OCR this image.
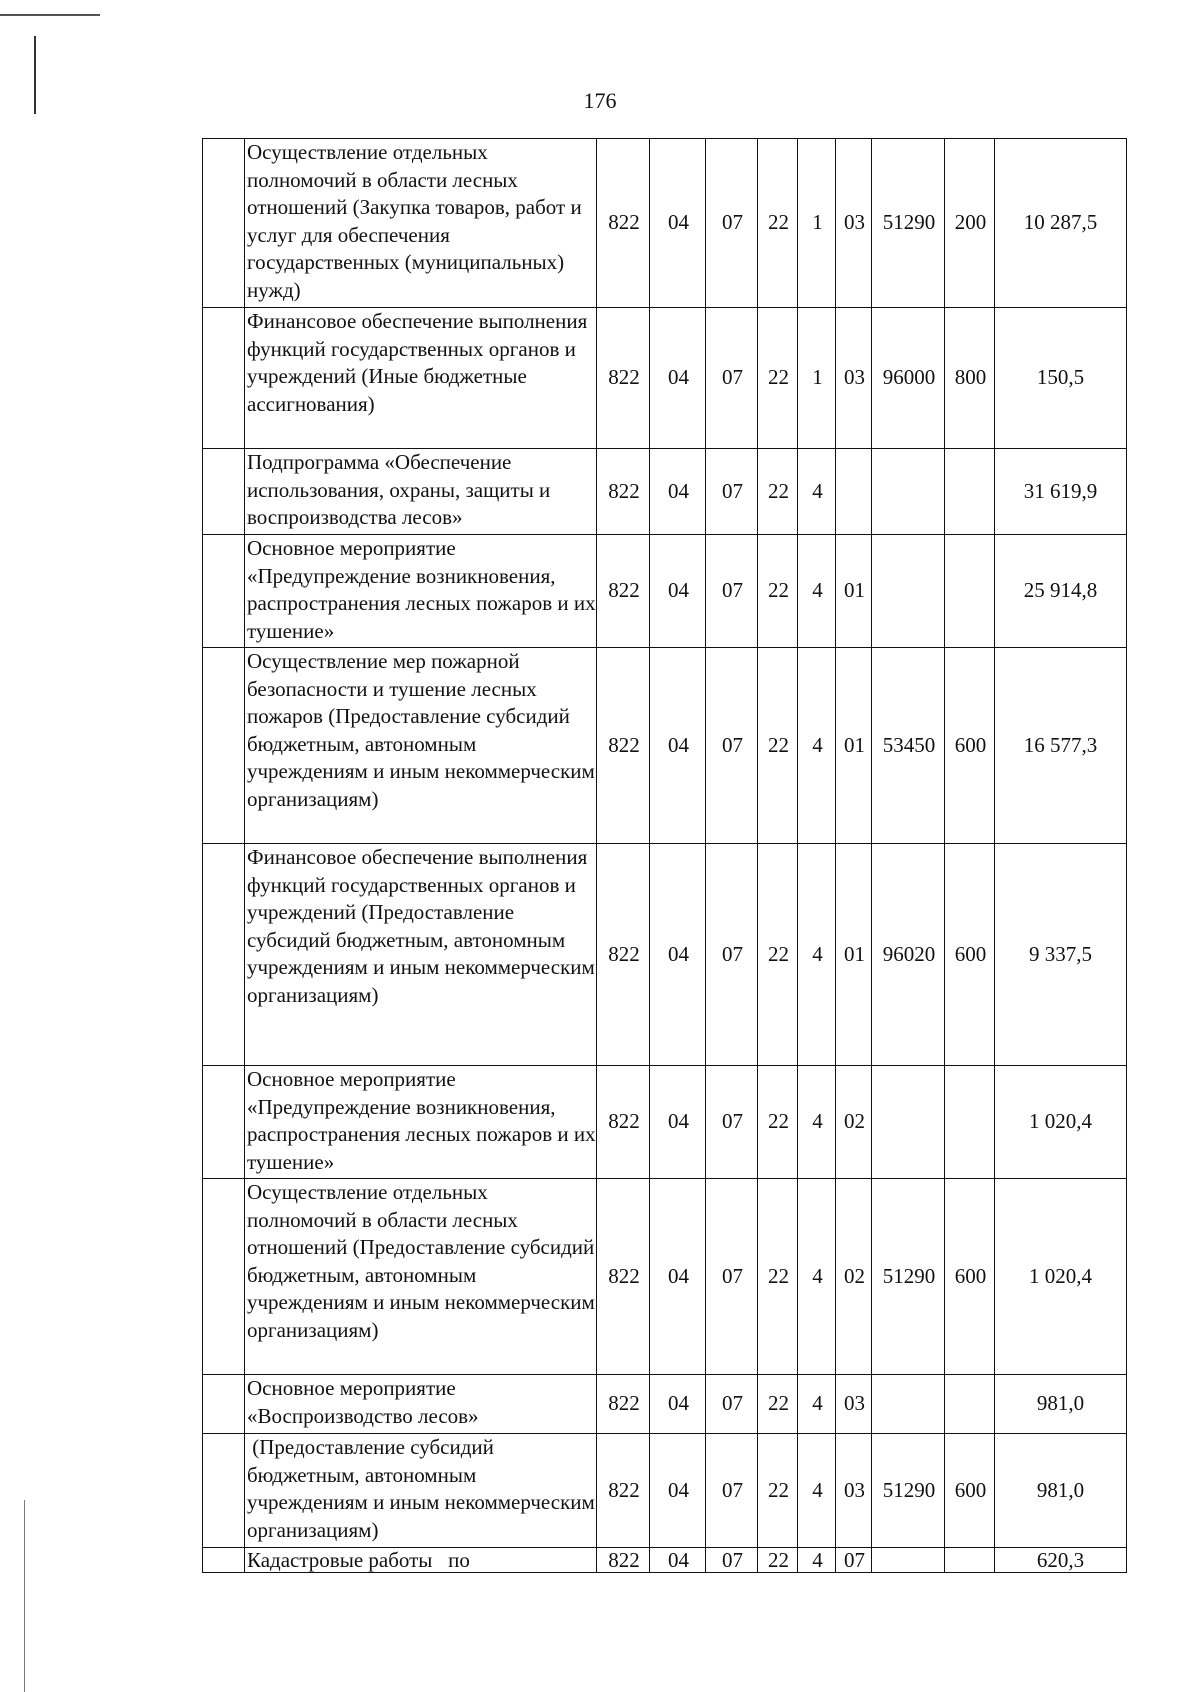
176
	Осуществление отдельных полномочий в области лесных отношений (Закупка товаров, работ и услуг для обеспечения государственных (муниципальных) нужд)	822	04	07	22	1	03	51290	200	10 287,5
	Финансовое обеспечение выполнения функций государственных органов и учреждений (Иные бюджетные ассигнования)	822	04	07	22	1	03	96000	800	150,5
	Подпрограмма «Обеспечение использования, охраны, защиты и воспроизводства лесов»	822	04	07	22	4				31 619,9
	Основное мероприятие «Предупреждение возникновения, распространения лесных пожаров и их тушение»	822	04	07	22	4	01			25 914,8
	Осуществление мер пожарной безопасности и тушение лесных пожаров (Предоставление субсидий бюджетным, автономным учреждениям и иным некоммерческим организациям)	822	04	07	22	4	01	53450	600	16 577,3
	Финансовое обеспечение выполнения функций государственных органов и учреждений (Предоставление субсидий бюджетным, автономным учреждениям и иным некоммерческим организациям)	822	04	07	22	4	01	96020	600	9 337,5
	Основное мероприятие «Предупреждение возникновения, распространения лесных пожаров и их тушение»	822	04	07	22	4	02			1 020,4
	Осуществление отдельных полномочий в области лесных отношений (Предоставление субсидий бюджетным, автономным учреждениям и иным некоммерческим организациям)	822	04	07	22	4	02	51290	600	1 020,4
	Основное мероприятие «Воспроизводство лесов»	822	04	07	22	4	03			981,0
	(Предоставление субсидий бюджетным, автономным учреждениям и иным некоммерческим организациям)	822	04	07	22	4	03	51290	600	981,0
	Кадастровые работы   по	822	04	07	22	4	07			620,3
